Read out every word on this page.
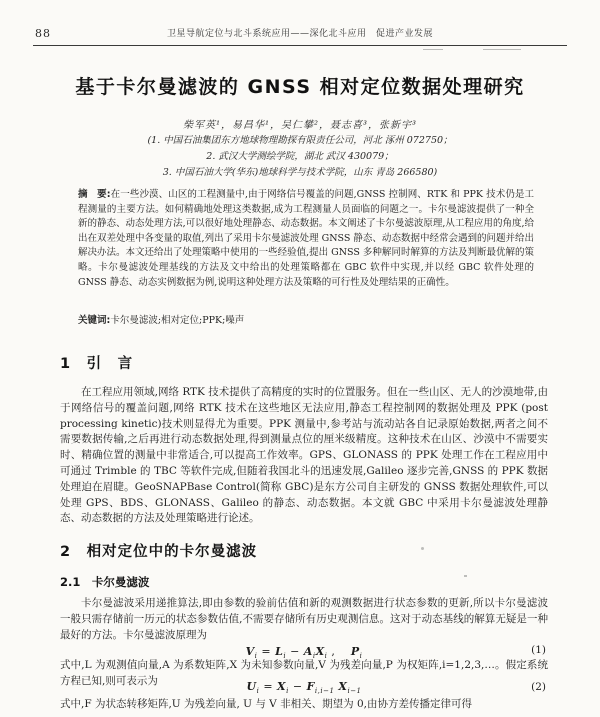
88	卫星导航定位与北斗系统应用——深化北斗应用　促进产业发展
基于卡尔曼滤波的 GNSS 相对定位数据处理研究
柴军英¹，易昌华¹，吴仁攀²，聂志喜³，张新宇³
(1. 中国石油集团东方地球物理勘探有限责任公司，河北 涿州 072750；
2. 武汉大学测绘学院，湖北 武汉 430079；
3. 中国石油大学(华东)地球科学与技术学院，山东 青岛 266580)
摘　要:在一些沙漠、山区的工程测量中,由于网络信号覆盖的问题,GNSS 控制网、RTK 和 PPK 技术仍是工程测量的主要方法。如何精确地处理这类数据,成为工程测量人员面临的问题之一。卡尔曼滤波提供了一种全新的静态、动态处理方法,可以很好地处理静态、动态数据。本文阐述了卡尔曼滤波原理,从工程应用的角度,给出在双差处理中各变量的取值,列出了采用卡尔曼滤波处理 GNSS 静态、动态数据中经常会遇到的问题并给出解决办法。本文还给出了处理策略中使用的一些经验值,提出 GNSS 多种解同时解算的方法及判断最优解的策略。卡尔曼滤波处理基线的方法及文中给出的处理策略都在 GBC 软件中实现,并以经 GBC 软件处理的 GNSS 静态、动态实例数据为例,说明这种处理方法及策略的可行性及处理结果的正确性。
关键词:卡尔曼滤波;相对定位;PPK;噪声
1　引　言
在工程应用领域,网络 RTK 技术提供了高精度的实时的位置服务。但在一些山区、无人的沙漠地带,由于网络信号的覆盖问题,网络 RTK 技术在这些地区无法应用,静态工程控制网的数据处理及 PPK (post processing kinetic)技术则显得尤为重要。PPK 测量中,参考站与流动站各自记录原始数据,两者之间不需要数据传输,之后再进行动态数据处理,得到测量点位的厘米级精度。这种技术在山区、沙漠中不需要实时、精确位置的测量中非常适合,可以提高工作效率。GPS、GLONASS 的 PPK 处理工作在工程应用中可通过 Trimble 的 TBC 等软件完成,但随着我国北斗的迅速发展,Galileo 逐步完善,GNSS 的 PPK 数据处理迫在眉睫。GeoSNAPBase Control(简称 GBC)是东方公司自主研发的 GNSS 数据处理软件,可以处理 GPS、BDS、GLONASS、Galileo 的静态、动态数据。本文就 GBC 中采用卡尔曼滤波处理静态、动态数据的方法及处理策略进行论述。
2　相对定位中的卡尔曼滤波
2.1　卡尔曼滤波
卡尔曼滤波采用递推算法,即由参数的验前估值和新的观测数据进行状态参数的更新,所以卡尔曼滤波一般只需存储前一历元的状态参数估值,不需要存储所有历史观测信息。这对于动态基线的解算无疑是一种最好的方法。卡尔曼滤波原理为
$V_i = L_i - A_iX_i$ ,　 $P_i$
(1)
式中,L 为观测值向量,A 为系数矩阵,X 为未知参数向量,V 为残差向量,P 为权矩阵,i=1,2,3,…。假定系统方程已知,则可表示为	$U_i = X_i - F_{i,i-1}$ $X_{i-1}$	(2)
式中,F 为状态转移矩阵,U 为残差向量, U 与 V 非相关、期望为 0,由协方差传播定律可得
